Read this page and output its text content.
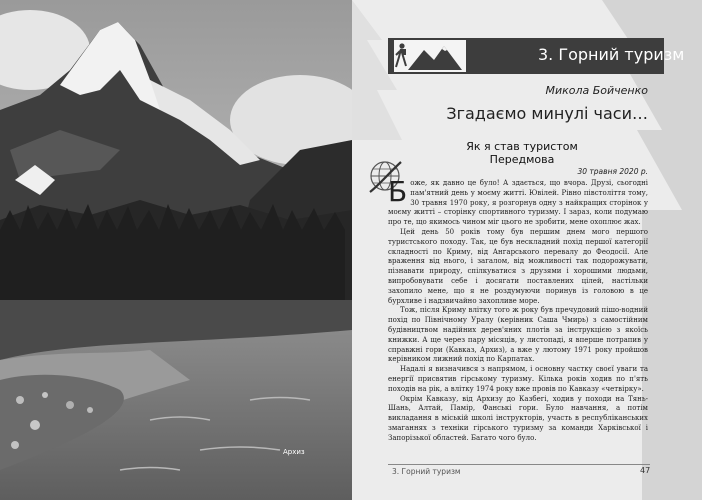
Архиз
3. Горний туризм
Микола Бойченко
Згадаємо минулі часи…
Як я став туристом
Передмова
30 травня 2020 р.

Боже, як давно це було! А здається, що вчора. Друзі, сьогодні пам'ятний день у моєму житті. Ювілей. Рівно півстоліття тому, 30 травня 1970 року, я розгорнув одну з найкращих сторінок у моєму житті – сторінку спортивного туризму. І зараз, коли подумаю про те, що якимось чином міг цього не зробити, мене охоплює жах.

Цей день 50 років тому був першим днем мого першого туристського походу. Так, це був нескладний похід першої категорії складності по Криму, від Ангарського перевалу до Феодосії. Але враження від нього, і загалом, від можливості так подорожувати, пізнавати природу, спілкуватися з друзями і хорошими людьми, випробовувати себе і досягати поставлених цілей, настільки захопило мене, що я не роздумуючи поринув із головою в це бурхливе і надзвичайно захопливе море.

Тож, після Криму влітку того ж року був пречудовий пішо-водний похід по Північному Уралу (керівник Саша Чмирь) з самостійним будівництвом надійних дерев'яних плотів за інструкцією з якоїсь книжки. А ще через пару місяців, у листопаді, я вперше потрапив у справжні гори (Кавказ, Архиз), а вже у лютому 1971 року пройшов керівником лижний похід по Карпатах.

Надалі я визначився з напрямом, і основну частку своєї уваги та енергії присвятив гірському туризму. Кілька років ходив по п'ять походів на рік, а влітку 1974 року вже провів по Кавказу «четвірку».

Окрім Кавказу, від Архизу до Казбегі, ходив у походи на Тянь-Шань, Алтай, Памір, Фанські гори. Було навчання, а потім викладання в міській школі інструкторів, участь в республіканських змаганнях з техніки гірського туризму за команди Харківської і Запорізької областей. Багато чого було.

3. Горний туризм	47
